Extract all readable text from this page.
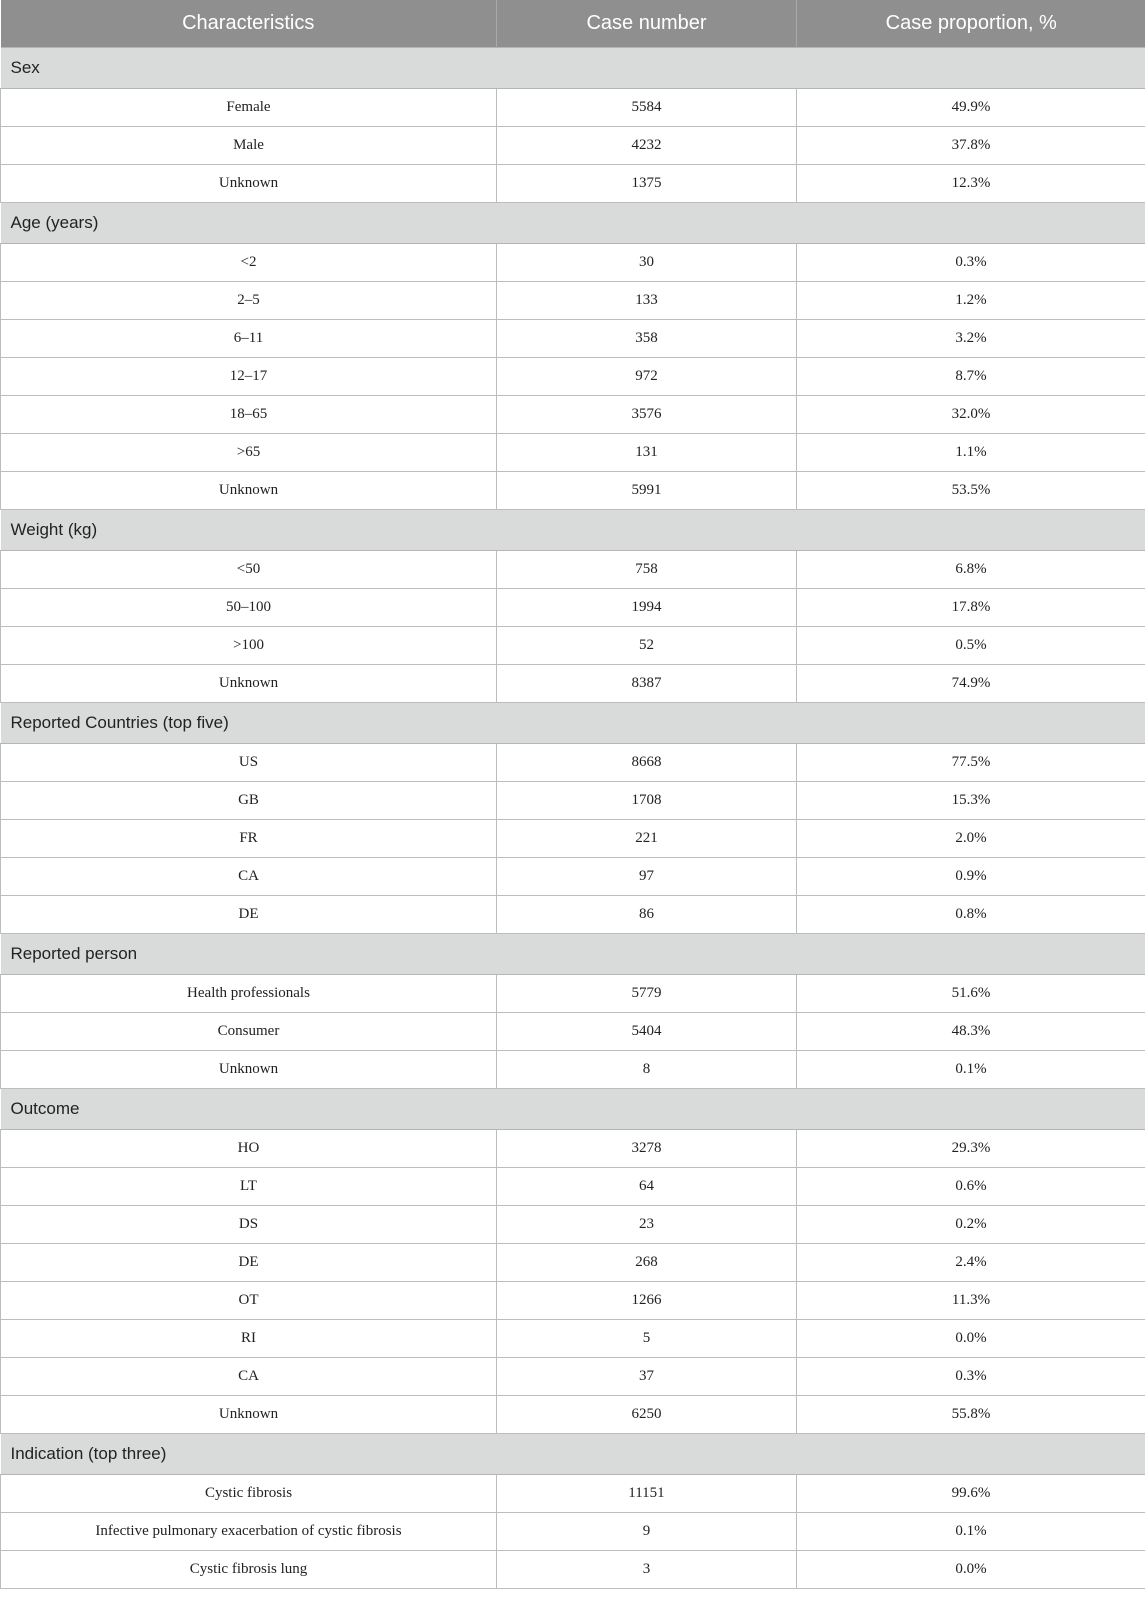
Characteristics	Case number	Case proportion, %
Sex		
Female	5584	49.9%
Male	4232	37.8%
Unknown	1375	12.3%
Age (years)		
<2	30	0.3%
2–5	133	1.2%
6–11	358	3.2%
12–17	972	8.7%
18–65	3576	32.0%
>65	131	1.1%
Unknown	5991	53.5%
Weight (kg)		
<50	758	6.8%
50–100	1994	17.8%
>100	52	0.5%
Unknown	8387	74.9%
Reported Countries (top five)		
US	8668	77.5%
GB	1708	15.3%
FR	221	2.0%
CA	97	0.9%
DE	86	0.8%
Reported person		
Health professionals	5779	51.6%
Consumer	5404	48.3%
Unknown	8	0.1%
Outcome		
HO	3278	29.3%
LT	64	0.6%
DS	23	0.2%
DE	268	2.4%
OT	1266	11.3%
RI	5	0.0%
CA	37	0.3%
Unknown	6250	55.8%
Indication (top three)		
Cystic fibrosis	11151	99.6%
Infective pulmonary exacerbation of cystic fibrosis	9	0.1%
Cystic fibrosis lung	3	0.0%
